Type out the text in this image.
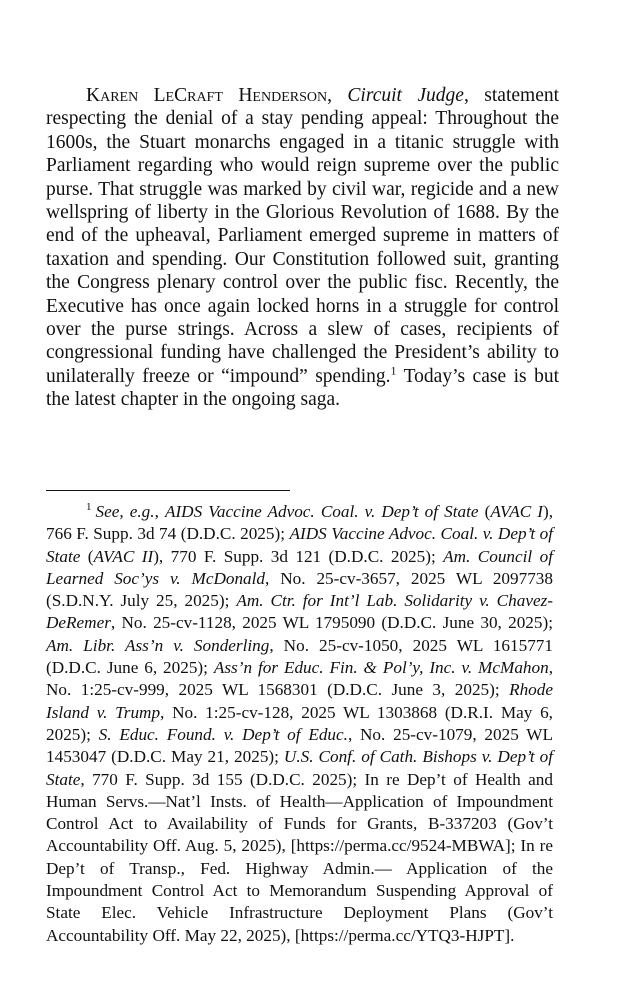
Karen LeCraft Henderson, Circuit Judge, statement respecting the denial of a stay pending appeal: Throughout the 1600s, the Stuart monarchs engaged in a titanic struggle with Parliament regarding who would reign supreme over the public purse. That struggle was marked by civil war, regicide and a new wellspring of liberty in the Glorious Revolution of 1688. By the end of the upheaval, Parliament emerged supreme in matters of taxation and spending. Our Constitution followed suit, granting the Congress plenary control over the public fisc. Recently, the Executive has once again locked horns in a struggle for control over the purse strings. Across a slew of cases, recipients of congressional funding have challenged the President’s ability to unilaterally freeze or “impound” spending.$^1$ Today’s case is but the latest chapter in the ongoing saga.

$^1$ See, e.g., AIDS Vaccine Advoc. Coal. v. Dep’t of State (AVAC I), 766 F. Supp. 3d 74 (D.D.C. 2025); AIDS Vaccine Advoc. Coal. v. Dep’t of State (AVAC II), 770 F. Supp. 3d 121 (D.D.C. 2025); Am. Council of Learned Soc’ys v. McDonald, No. 25-cv-3657, 2025 WL 2097738 (S.D.N.Y. July 25, 2025); Am. Ctr. for Int’l Lab. Solidarity v. Chavez-DeRemer, No. 25-cv-1128, 2025 WL 1795090 (D.D.C. June 30, 2025); Am. Libr. Ass’n v. Sonderling, No. 25-cv-1050, 2025 WL 1615771 (D.D.C. June 6, 2025); Ass’n for Educ. Fin. & Pol’y, Inc. v. McMahon, No. 1:25-cv-999, 2025 WL 1568301 (D.D.C. June 3, 2025); Rhode Island v. Trump, No. 1:25-cv-128, 2025 WL 1303868 (D.R.I. May 6, 2025); S. Educ. Found. v. Dep’t of Educ., No. 25-cv-1079, 2025 WL 1453047 (D.D.C. May 21, 2025); U.S. Conf. of Cath. Bishops v. Dep’t of State, 770 F. Supp. 3d 155 (D.D.C. 2025); In re Dep’t of Health and Human Servs.—Nat’l Insts. of Health—Application of Impoundment Control Act to Availability of Funds for Grants, B-337203 (Gov’t Accountability Off. Aug. 5, 2025), [https://perma.cc/9524-MBWA]; In re Dep’t of Transp., Fed. Highway Admin.— Application of the Impoundment Control Act to Memorandum Suspending Approval of State Elec. Vehicle Infrastructure Deployment Plans (Gov’t Accountability Off. May 22, 2025), [https://perma.cc/YTQ3-HJPT].
